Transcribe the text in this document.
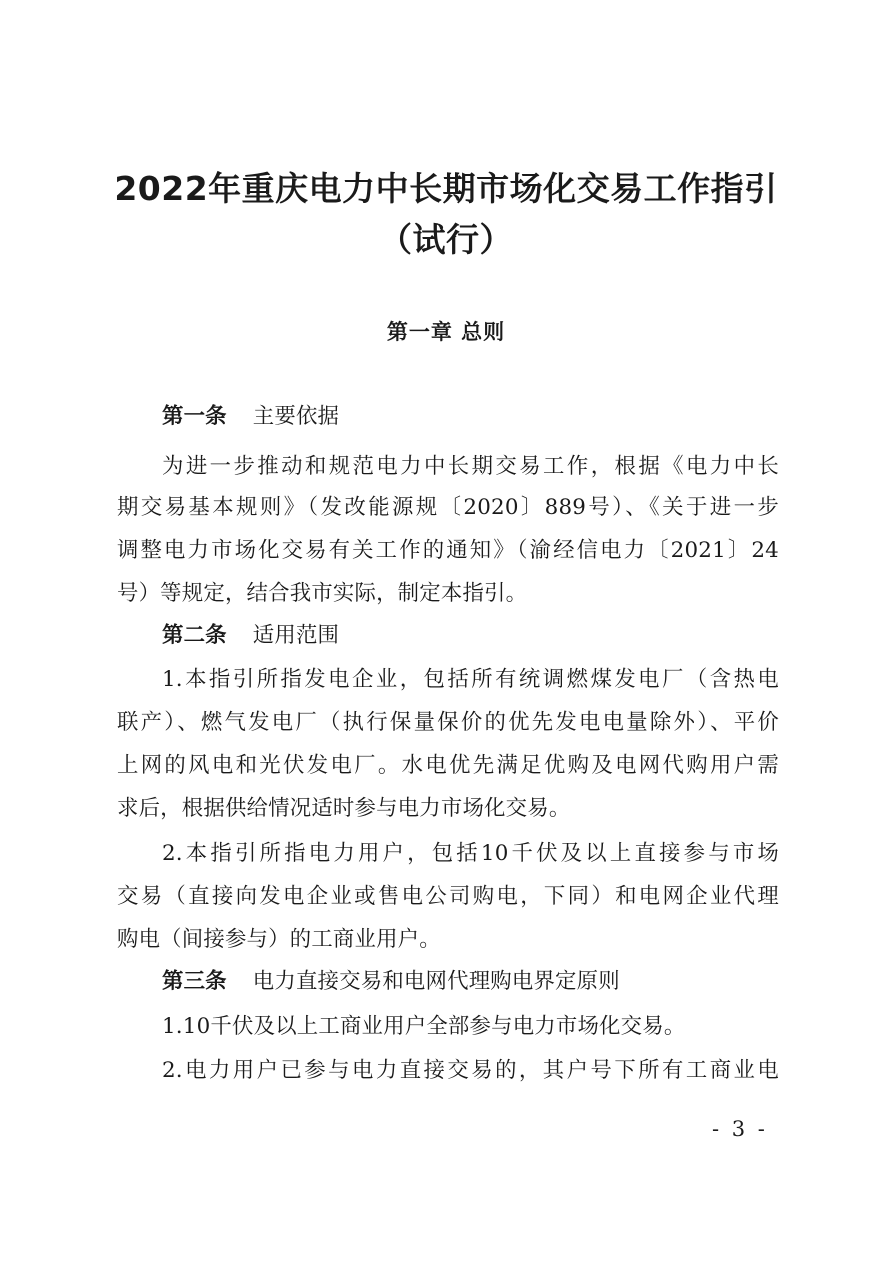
2022年重庆电力中长期市场化交易工作指引
（试行）
第一章 总则
第一条 主要依据
为进一步推动和规范电力中长期交易工作，根据《电力中长
期交易基本规则》（发改能源规〔2020〕889号）、《关于进一步
调整电力市场化交易有关工作的通知》（渝经信电力〔2021〕24
号）等规定，结合我市实际，制定本指引。
第二条 适用范围
1.本指引所指发电企业，包括所有统调燃煤发电厂（含热电
联产）、燃气发电厂（执行保量保价的优先发电电量除外）、平价
上网的风电和光伏发电厂。水电优先满足优购及电网代购用户需
求后，根据供给情况适时参与电力市场化交易。
2.本指引所指电力用户，包括10千伏及以上直接参与市场
交易（直接向发电企业或售电公司购电，下同）和电网企业代理
购电（间接参与）的工商业用户。
第三条 电力直接交易和电网代理购电界定原则
1.10千伏及以上工商业用户全部参与电力市场化交易。
2.电力用户已参与电力直接交易的，其户号下所有工商业电
- 3 -
